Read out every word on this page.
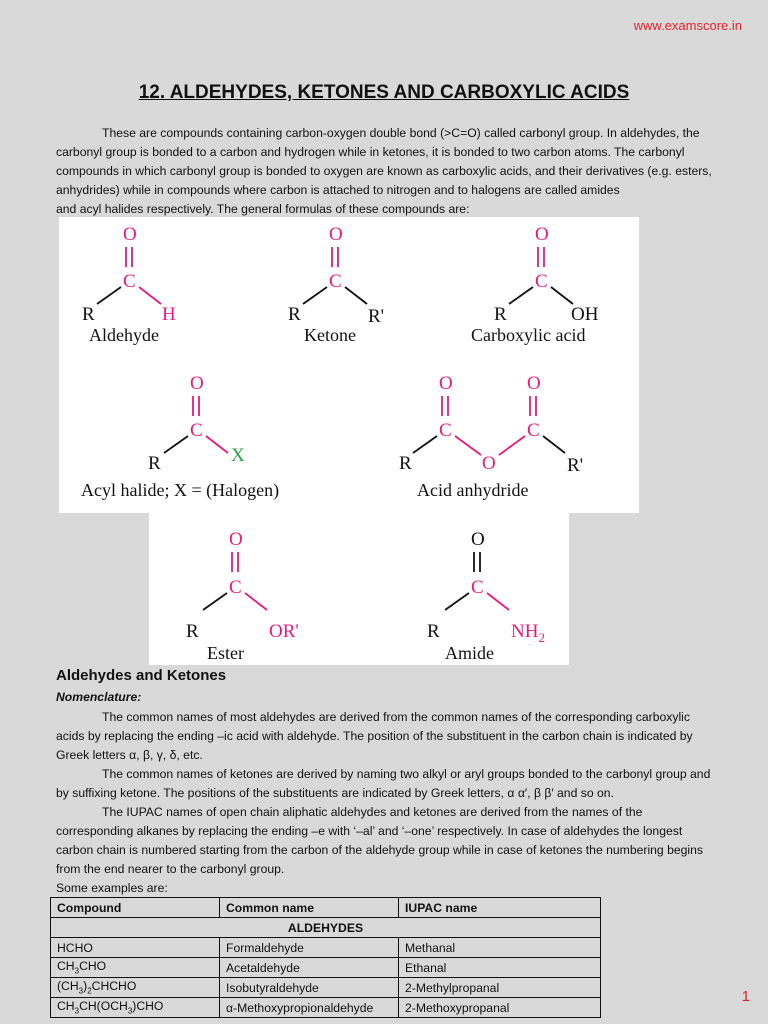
www.examscore.in
12. ALDEHYDES, KETONES AND CARBOXYLIC ACIDS

These are compounds containing carbon-oxygen double bond (>C=O) called carbonyl group. In aldehydes, the
carbonyl group is bonded to a carbon and hydrogen while in ketones, it is bonded to two carbon atoms. The carbonyl
compounds in which carbonyl group is bonded to oxygen are known as carboxylic acids, and their derivatives (e.g. esters,
anhydrides) while in compounds where carbon is attached to nitrogen and to halogens are called amides
and acyl halides respectively. The general formulas of these compounds are:

O
C
R	H
Aldehyde
O
C
R	R'
Ketone
O
C
R	OH
Carboxylic acid
O
C
R	X
Acyl halide; X = (Halogen)
O
C
O
C
O
R	R'
Acid anhydride
O
C
R	OR'
Ester
O
C
R	$NH_2$
Amide
Aldehydes and Ketones
Nomenclature:

The common names of most aldehydes are derived from the common names of the corresponding carboxylic
acids by replacing the ending –ic acid with aldehyde. The position of the substituent in the carbon chain is indicated by
Greek letters α, β, γ, δ, etc.

The common names of ketones are derived by naming two alkyl or aryl groups bonded to the carbonyl group and
by suffixing ketone. The positions of the substituents are indicated by Greek letters, α α′, β β′ and so on.

The IUPAC names of open chain aliphatic aldehydes and ketones are derived from the names of the
corresponding alkanes by replacing the ending –e with ‘–al’ and ‘–one’ respectively. In case of aldehydes the longest
carbon chain is numbered starting from the carbon of the aldehyde group while in case of ketones the numbering begins
from the end nearer to the carbonyl group.

Some examples are:

Compound	Common name	IUPAC name
ALDEHYDES		
HCHO	Formaldehyde	Methanal
$CH_3CHO$	Acetaldehyde	Ethanal
$(CH_3)_2CHCHO$	Isobutyraldehyde	2-Methylpropanal
$CH_3CH(OCH_3)CHO$	α-Methoxypropionaldehyde	2-Methoxypropanal
1
